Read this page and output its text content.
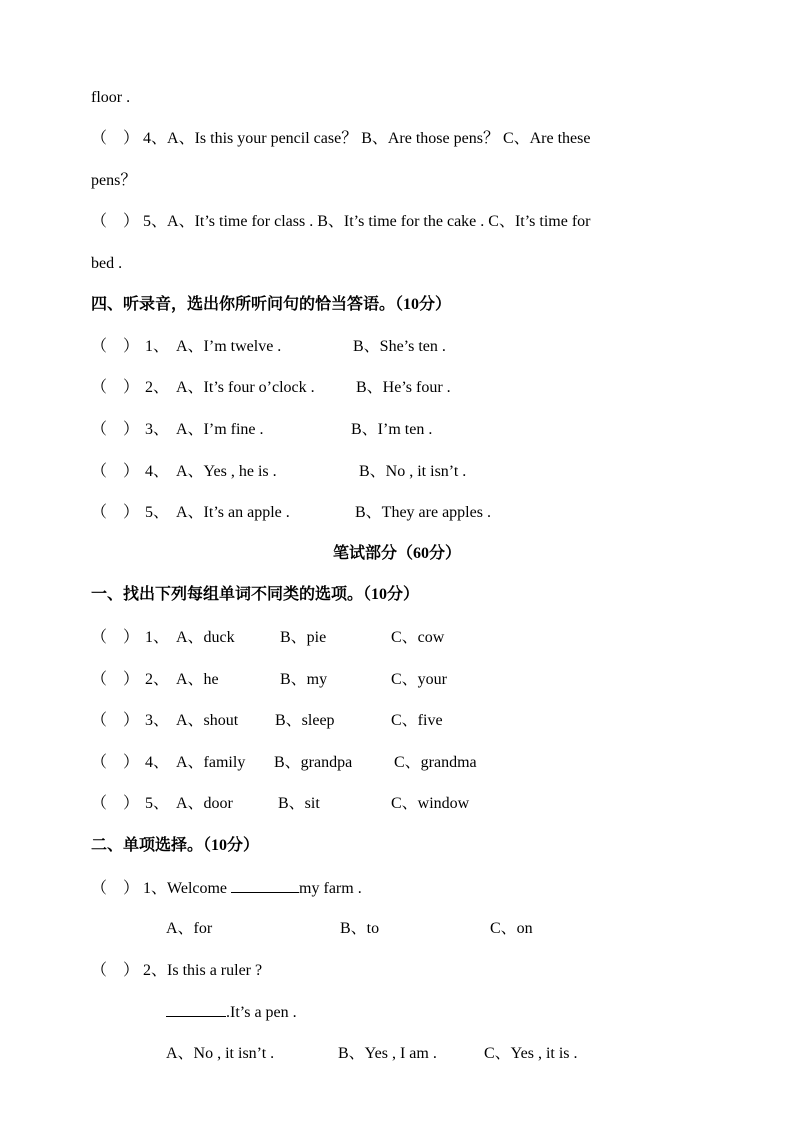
floor .
（　） 4、A、Is this your pencil case？ B、Are those pens？ C、Are these
pens？
（　） 5、A、It’s time for class . B、It’s time for the cake . C、It’s time for
bed .
四、听录音，选出你所听问句的恰当答语。（10分）
（　） 1、 A、I’m twelve .	B、She’s ten .
（　） 2、 A、It’s four o’clock .	B、He’s four .
（　） 3、 A、I’m fine .	B、I’m ten .
（　） 4、 A、Yes , he is .	B、No , it isn’t .
（　） 5、 A、It’s an apple .	B、They are apples .
笔试部分（60分）
一、找出下列每组单词不同类的选项。（10分）
（　） 1、 A、duck	B、pie	C、cow
（　） 2、 A、he	B、my	C、your
（　） 3、 A、shout B、sleep	C、five
（　） 4、 A、family B、grandpa	C、grandma
（　） 5、 A、door	B、sit	C、window
二、单项选择。（10分）
（　） 1、Welcome	my farm .
A、for	B、to	C、on
（　） 2、Is this a ruler ?
.It’s a pen .
A、No , it isn’t .	B、Yes , I am .	C、Yes , it is .
